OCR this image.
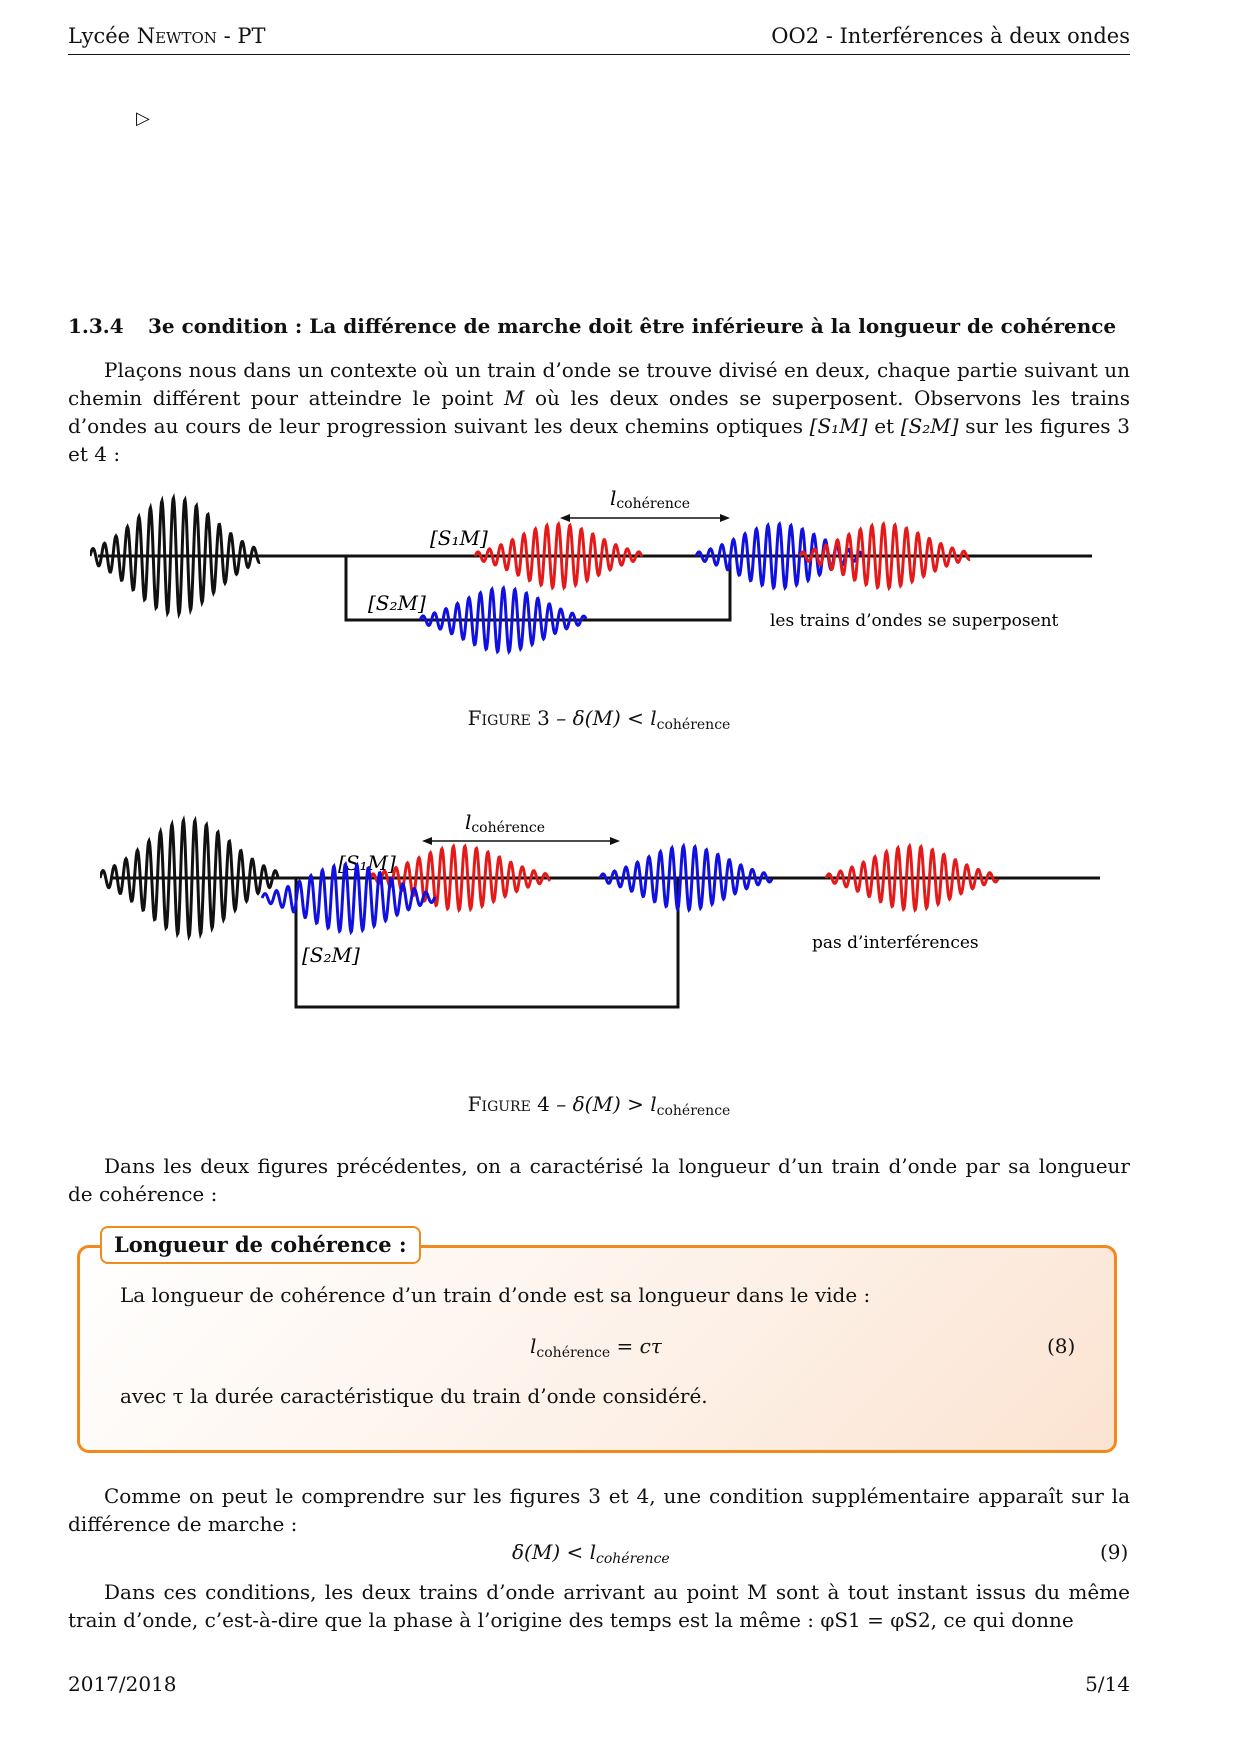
Lycée Newton - PT	OO2 - Interférences à deux ondes
▷
1.3.4 3e condition : La différence de marche doit être inférieure à la longueur de cohérence

Plaçons nous dans un contexte où un train d’onde se trouve divisé en deux, chaque partie suivant un chemin différent pour atteindre le point M où les deux ondes se superposent. Observons les trains d’ondes au cours de leur progression suivant les deux chemins optiques [S₁M] et [S₂M] sur les figures 3 et 4 :

lcohérence
[S₁M]
[S₂M]
les trains d’ondes se superposent
Figure $3 - \delta(M) < l_{cohérence}$
lcohérence
[S₁M]
[S₂M]	pas d’interférences
Figure $4 - \delta(M) > l_{cohérence}$

Dans les deux figures précédentes, on a caractérisé la longueur d’un train d’onde par sa longueur de cohérence :

Longueur de cohérence :
La longueur de cohérence d’un train d’onde est sa longueur dans le vide :
$l_{cohérence} = c\tau$	(8)
avec τ la durée caractéristique du train d’onde considéré.

Comme on peut le comprendre sur les figures 3 et 4, une condition supplémentaire apparaît sur la différence de marche :

$\delta(M) < l_{cohérence}$	(9)

Dans ces conditions, les deux trains d’onde arrivant au point M sont à tout instant issus du même train d’onde, c’est-à-dire que la phase à l’origine des temps est la même : φS1 = φS2, ce qui donne

2017/2018	5/14
